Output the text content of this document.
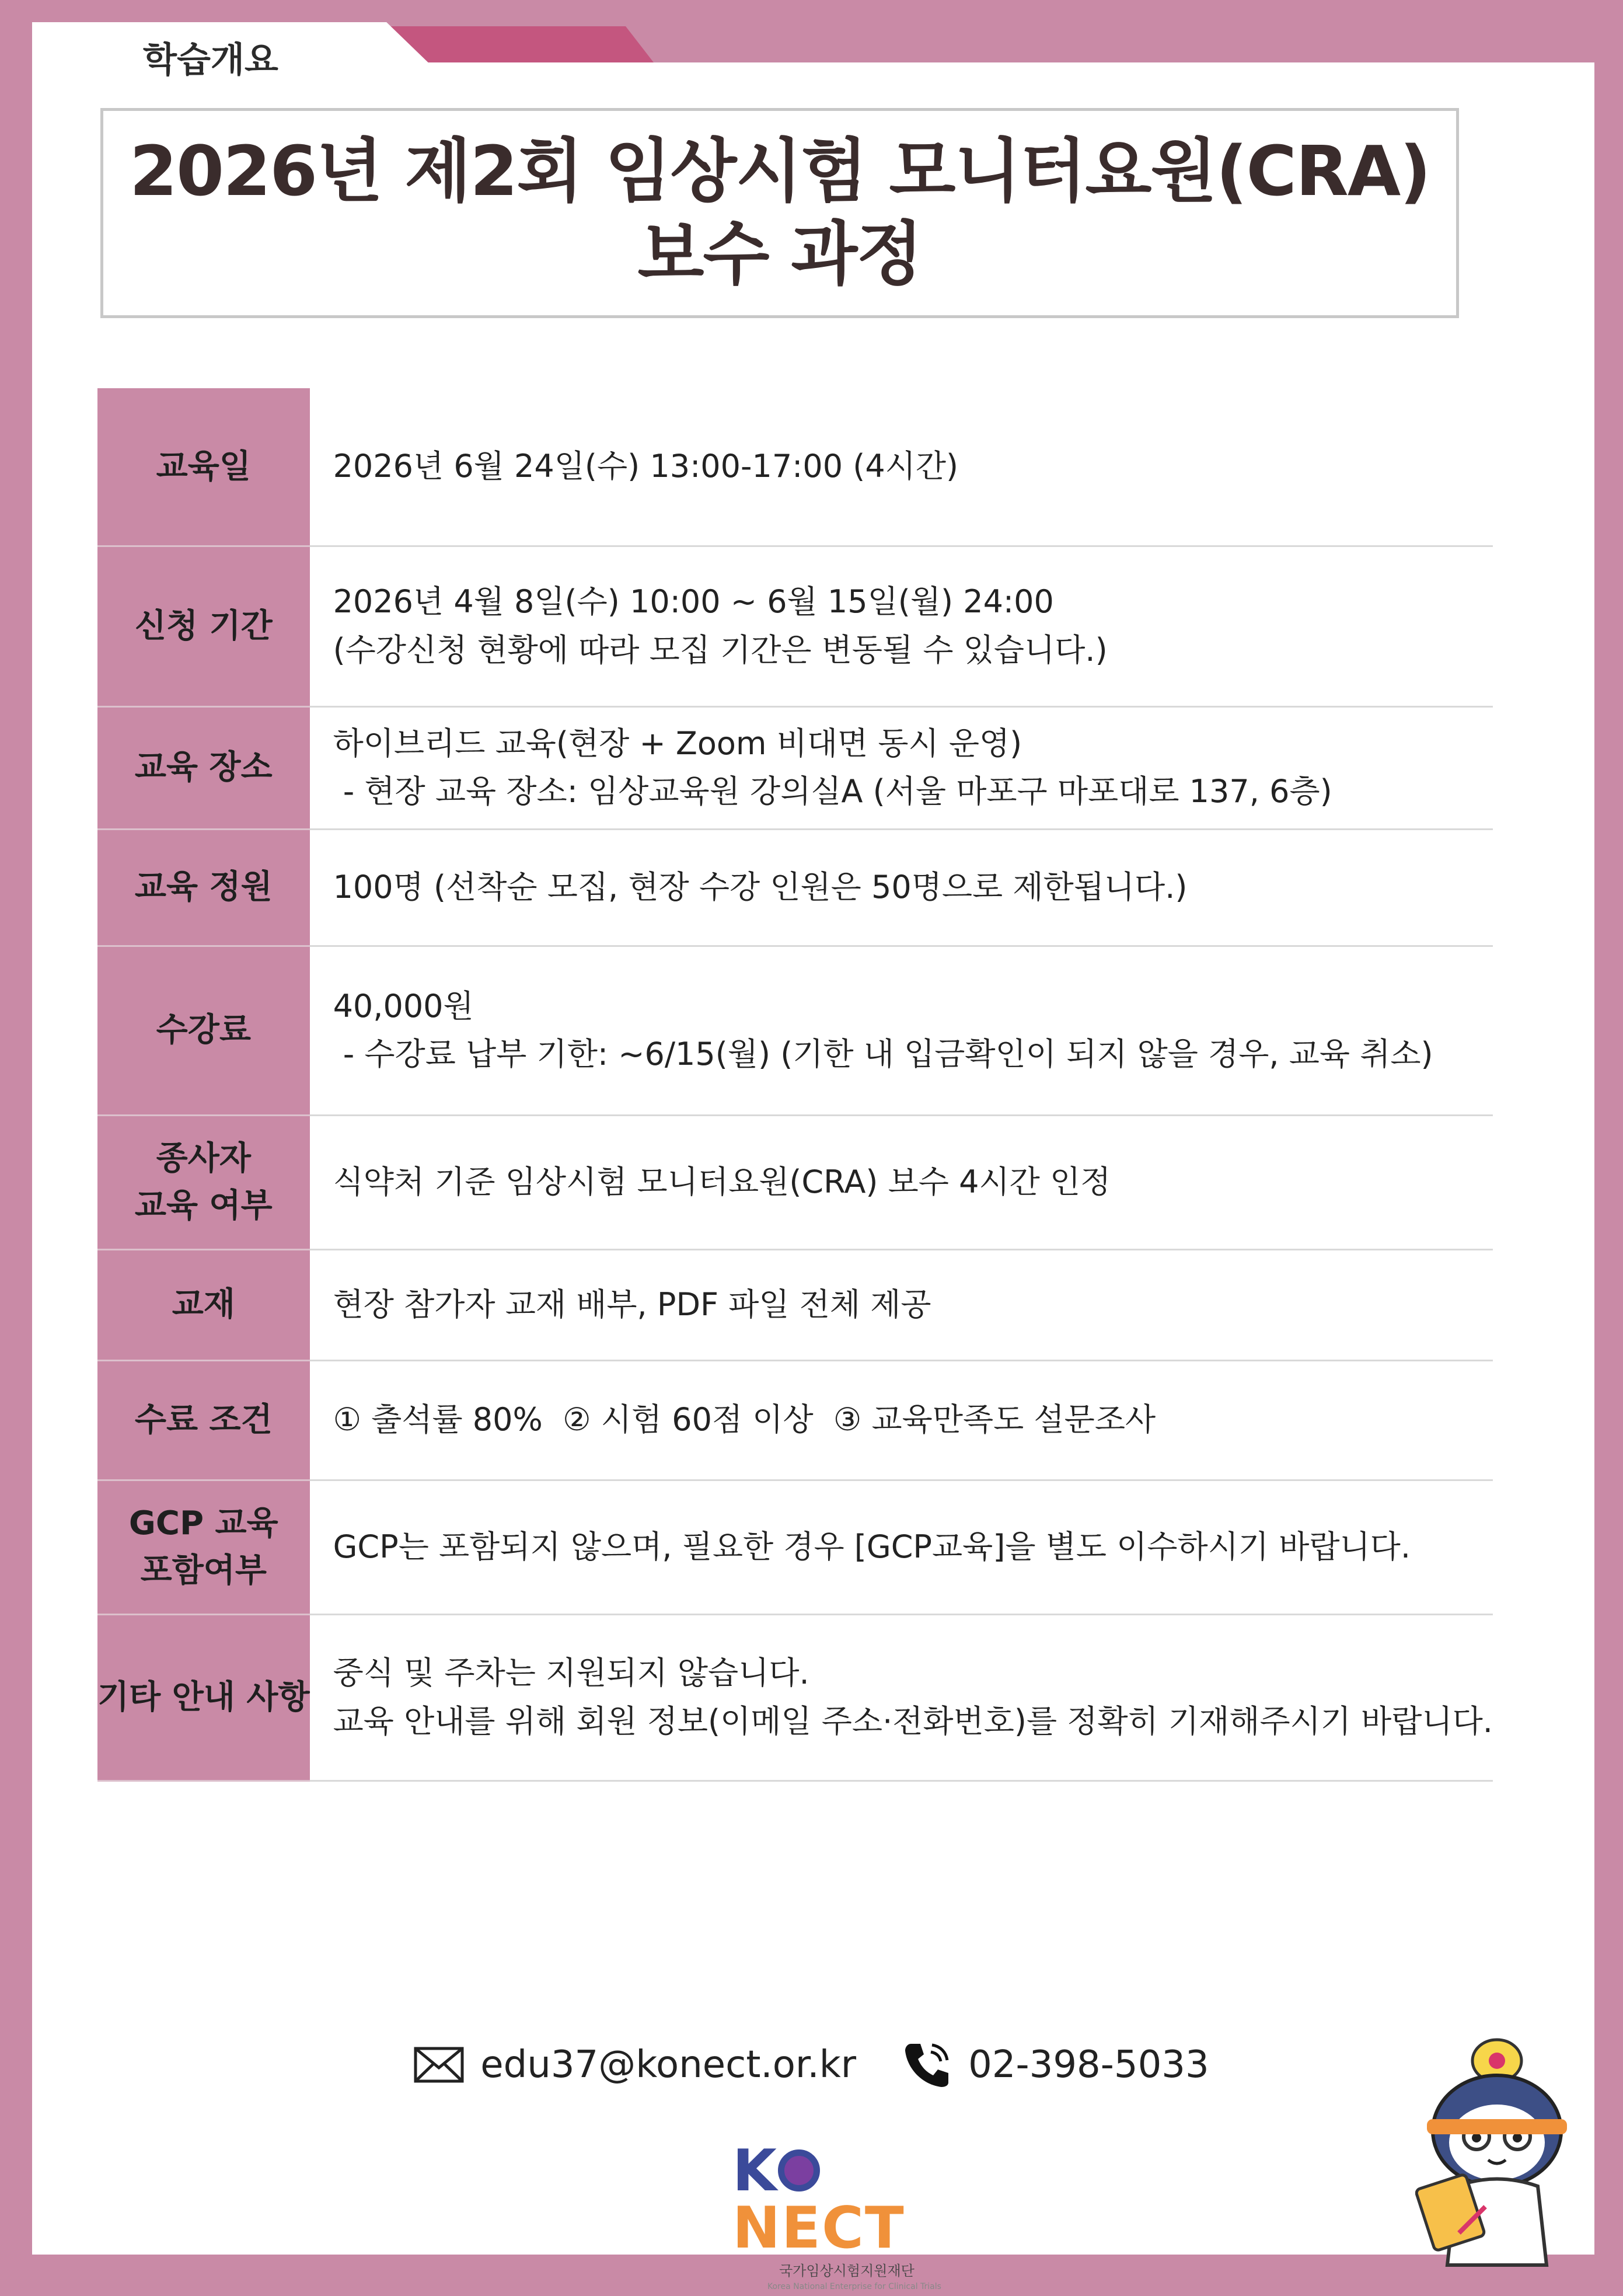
학습개요
2026년 제2회 임상시험 모니터요원(CRA)
보수 과정
교육일	2026년 6월 24일(수) 13:00-17:00 (4시간)

신청 기간	2026년 4월 8일(수) 10:00 ~ 6월 15일(월) 24:00
(수강신청 현황에 따라 모집 기간은 변동될 수 있습니다.)

교육 장소	하이브리드 교육(현장 + Zoom 비대면 동시 운영)
- 현장 교육 장소: 임상교육원 강의실A (서울 마포구 마포대로 137, 6층)

교육 정원	100명 (선착순 모집, 현장 수강 인원은 50명으로 제한됩니다.)

수강료	40,000원
- 수강료 납부 기한: ~6/15(월) (기한 내 입금확인이 되지 않을 경우, 교육 취소)

종사자
교육 여부	식약처 기준 임상시험 모니터요원(CRA) 보수 4시간 인정

교재	현장 참가자 교재 배부, PDF 파일 전체 제공

수료 조건	① 출석률 80%  ② 시험 60점 이상  ③ 교육만족도 설문조사

GCP 교육
포함여부	GCP는 포함되지 않으며, 필요한 경우 [GCP교육]을 별도 이수하시기 바랍니다.

기타 안내 사항	중식 및 주차는 지원되지 않습니다.
교육 안내를 위해 회원 정보(이메일 주소·전화번호)를 정확히 기재해주시기 바랍니다.
edu37@konect.or.kr	02-398-5033
KNECT
국가임상시험지원재단
Korea National Enterprise for Clinical Trials
